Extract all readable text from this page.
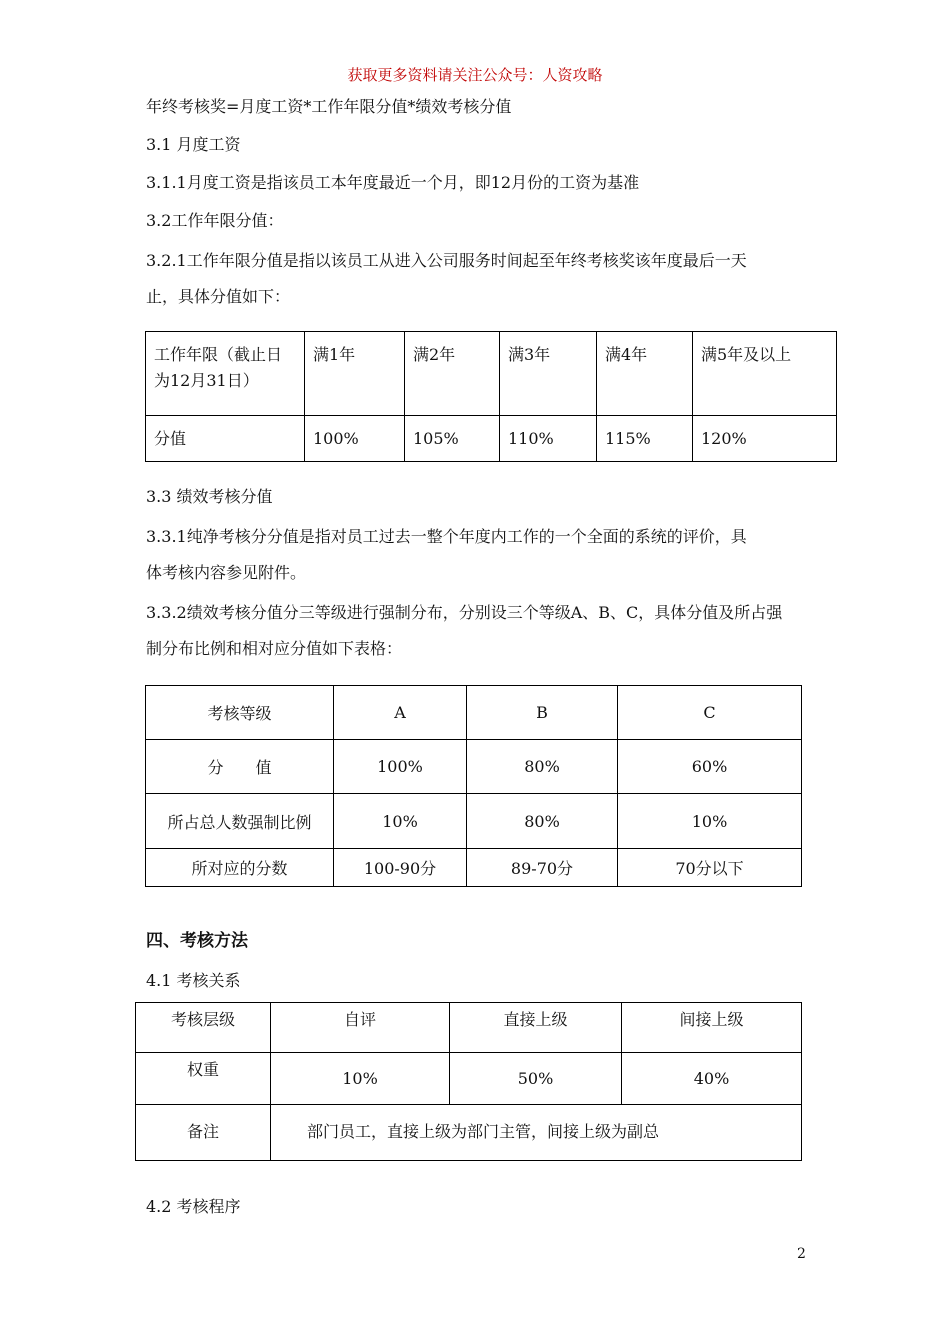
获取更多资料请关注公众号：人资攻略
年终考核奖=月度工资*工作年限分值*绩效考核分值
3.1 月度工资
3.1.1月度工资是指该员工本年度最近一个月，即12月份的工资为基准
3.2工作年限分值：
3.2.1工作年限分值是指以该员工从进入公司服务时间起至年终考核奖该年度最后一天
止，具体分值如下：
工作年限（截止日为12月31日）	满1年	满2年	满3年	满4年	满5年及以上
分值	100%	105%	110%	115%	120%
3.3 绩效考核分值
3.3.1纯净考核分分值是指对员工过去一整个年度内工作的一个全面的系统的评价，具
体考核内容参见附件。
3.3.2绩效考核分值分三等级进行强制分布，分别设三个等级A、B、C，具体分值及所占强
制分布比例和相对应分值如下表格：
考核等级	A	B	C
分　　值	100%	80%	60%
所占总人数强制比例	10%	80%	10%
所对应的分数	100-90分	89-70分	70分以下
四、考核方法
4.1 考核关系
考核层级	自评	直接上级	间接上级
权重	10%	50%	40%
备注	部门员工，直接上级为部门主管，间接上级为副总		
4.2 考核程序
2
